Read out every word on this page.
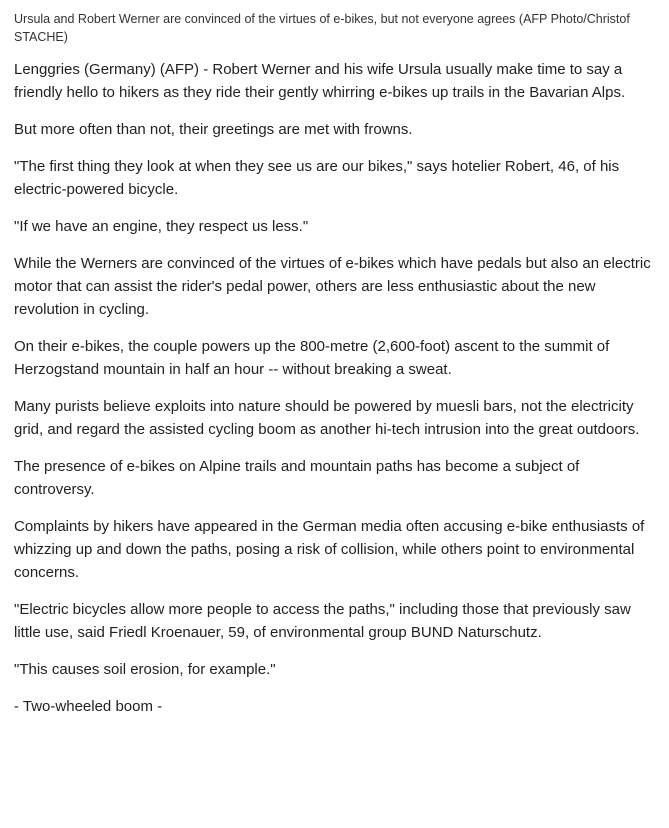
Ursula and Robert Werner are convinced of the virtues of e-bikes, but not everyone agrees (AFP Photo/Christof STACHE)

Lenggries (Germany) (AFP) - Robert Werner and his wife Ursula usually make time to say a friendly hello to hikers as they ride their gently whirring e-bikes up trails in the Bavarian Alps.

But more often than not, their greetings are met with frowns.

"The first thing they look at when they see us are our bikes," says hotelier Robert, 46, of his electric-powered bicycle.

"If we have an engine, they respect us less."

While the Werners are convinced of the virtues of e-bikes which have pedals but also an electric motor that can assist the rider's pedal power, others are less enthusiastic about the new revolution in cycling.

On their e-bikes, the couple powers up the 800-metre (2,600-foot) ascent to the summit of Herzogstand mountain in half an hour -- without breaking a sweat.

Many purists believe exploits into nature should be powered by muesli bars, not the electricity grid, and regard the assisted cycling boom as another hi-tech intrusion into the great outdoors.

The presence of e-bikes on Alpine trails and mountain paths has become a subject of controversy.

Complaints by hikers have appeared in the German media often accusing e-bike enthusiasts of whizzing up and down the paths, posing a risk of collision, while others point to environmental concerns.

"Electric bicycles allow more people to access the paths," including those that previously saw little use, said Friedl Kroenauer, 59, of environmental group BUND Naturschutz.

"This causes soil erosion, for example."

- Two-wheeled boom -
